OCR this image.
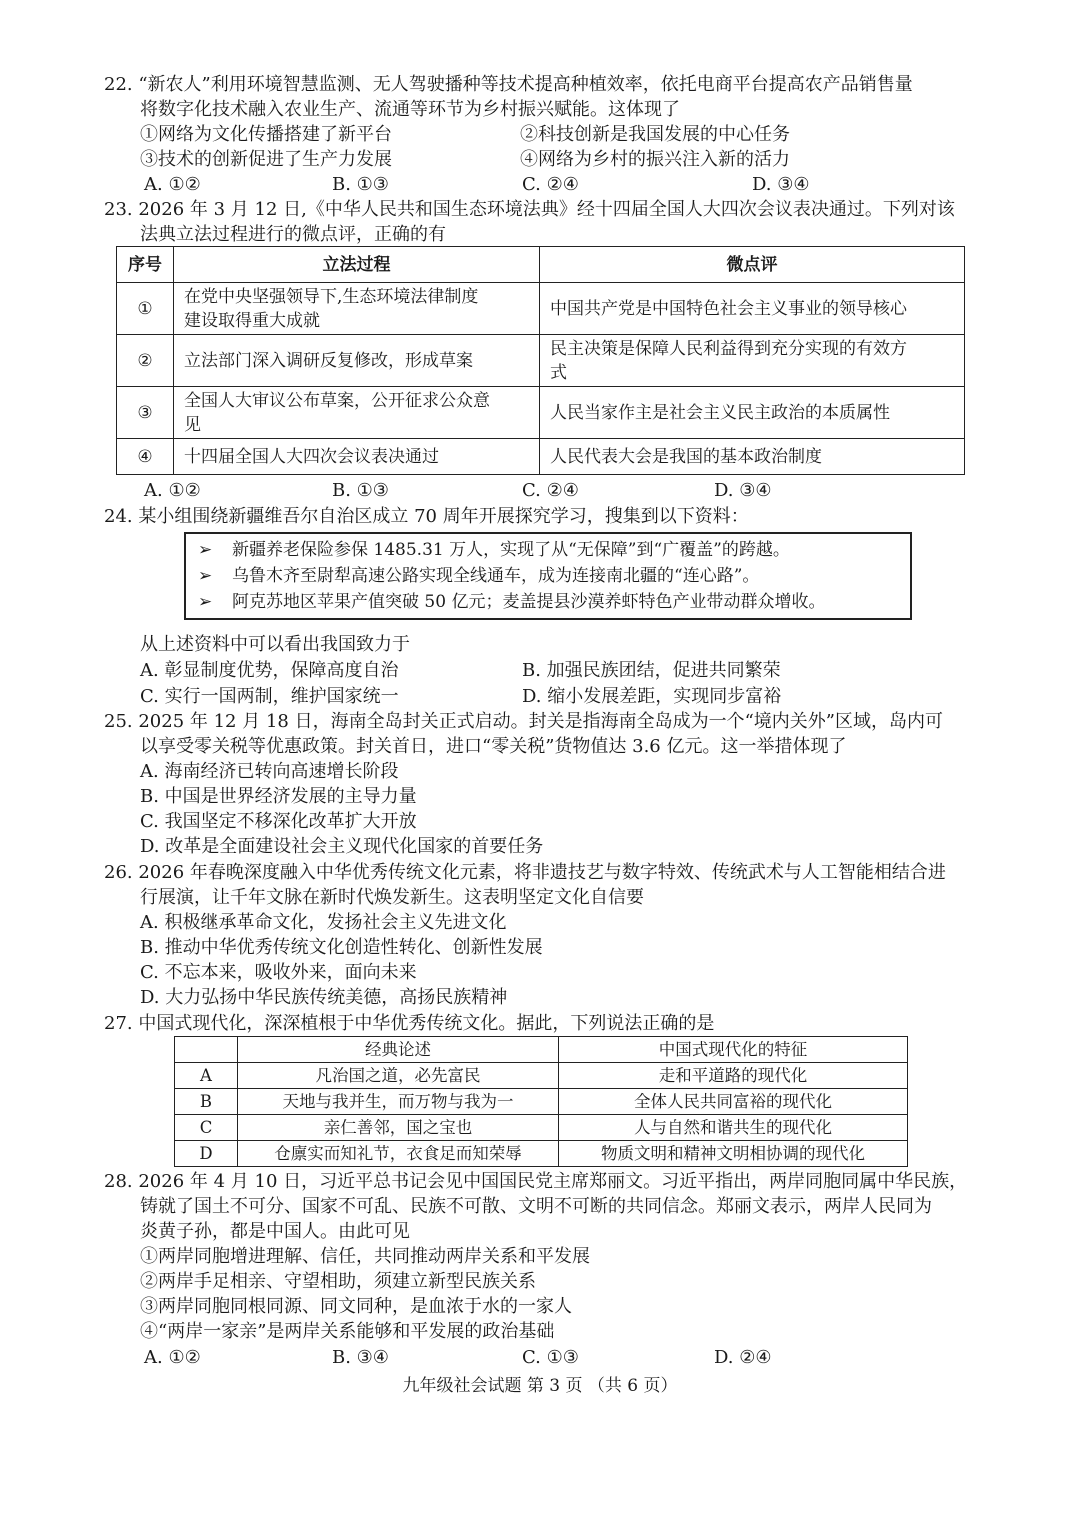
22. “新农人”利用环境智慧监测、无人驾驶播种等技术提高种植效率，依托电商平台提高农产品销售量
将数字化技术融入农业生产、流通等环节为乡村振兴赋能。这体现了
①网络为文化传播搭建了新平台	②科技创新是我国发展的中心任务
③技术的创新促进了生产力发展	④网络为乡村的振兴注入新的活力
A. ①②	B. ①③	C. ②④	D. ③④
23. 2026 年 3 月 12 日,《中华人民共和国生态环境法典》经十四届全国人大四次会议表决通过。下列对该
法典立法过程进行的微点评，正确的有
序号	立法过程	微点评
①	在党中央坚强领导下,生态环境法律制度
建设取得重大成就	中国共产党是中国特色社会主义事业的领导核心
②	立法部门深入调研反复修改，形成草案	民主决策是保障人民利益得到充分实现的有效方
式

③	全国人大审议公布草案，公开征求公众意
见	人民当家作主是社会主义民主政治的本质属性
④	十四届全国人大四次会议表决通过	人民代表大会是我国的基本政治制度
A. ①②	B. ①③	C. ②④	D. ③④
24. 某小组围绕新疆维吾尔自治区成立 70 周年开展探究学习，搜集到以下资料：
➢ 新疆养老保险参保 1485.31 万人，实现了从“无保障”到“广覆盖”的跨越。
➢ 乌鲁木齐至尉犁高速公路实现全线通车，成为连接南北疆的“连心路”。
➢ 阿克苏地区苹果产值突破 50 亿元；麦盖提县沙漠养虾特色产业带动群众增收。
从上述资料中可以看出我国致力于
A. 彰显制度优势，保障高度自治	B. 加强民族团结，促进共同繁荣
C. 实行一国两制，维护国家统一	D. 缩小发展差距，实现同步富裕
25. 2025 年 12 月 18 日，海南全岛封关正式启动。封关是指海南全岛成为一个“境内关外”区域，岛内可
以享受零关税等优惠政策。封关首日，进口“零关税”货物值达 3.6 亿元。这一举措体现了
A. 海南经济已转向高速增长阶段
B. 中国是世界经济发展的主导力量
C. 我国坚定不移深化改革扩大开放
D. 改革是全面建设社会主义现代化国家的首要任务
26. 2026 年春晚深度融入中华优秀传统文化元素，将非遗技艺与数字特效、传统武术与人工智能相结合进
行展演，让千年文脉在新时代焕发新生。这表明坚定文化自信要
A. 积极继承革命文化，发扬社会主义先进文化
B. 推动中华优秀传统文化创造性转化、创新性发展
C. 不忘本来，吸收外来，面向未来
D. 大力弘扬中华民族传统美德，高扬民族精神
27. 中国式现代化，深深植根于中华优秀传统文化。据此，下列说法正确的是
	经典论述	中国式现代化的特征
A	凡治国之道，必先富民	走和平道路的现代化
B	天地与我并生，而万物与我为一	全体人民共同富裕的现代化
C	亲仁善邻，国之宝也	人与自然和谐共生的现代化
D	仓廪实而知礼节，衣食足而知荣辱	物质文明和精神文明相协调的现代化
28. 2026 年 4 月 10 日，习近平总书记会见中国国民党主席郑丽文。习近平指出，两岸同胞同属中华民族，
铸就了国土不可分、国家不可乱、民族不可散、文明不可断的共同信念。郑丽文表示，两岸人民同为
炎黄子孙，都是中国人。由此可见
①两岸同胞增进理解、信任，共同推动两岸关系和平发展
②两岸手足相亲、守望相助，须建立新型民族关系
③两岸同胞同根同源、同文同种，是血浓于水的一家人
④“两岸一家亲”是两岸关系能够和平发展的政治基础
A. ①②	B. ③④	C. ①③	D. ②④
九年级社会试题 第 3 页 （共 6 页）
